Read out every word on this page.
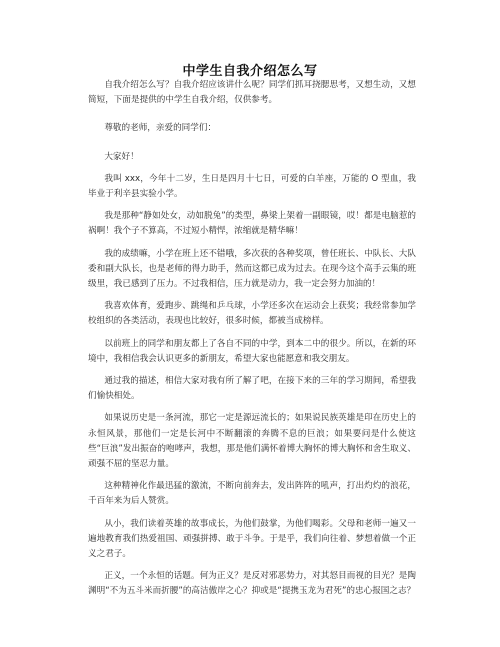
中学生自我介绍怎么写

自我介绍怎么写？自我介绍应该讲什么呢？同学们抓耳挠腮思考，又想生动，又想简短，下面是提供的中学生自我介绍，仅供参考。

尊敬的老师，亲爱的同学们：

大家好！

我叫 xxx，今年十二岁，生日是四月十七日，可爱的白羊座，万能的 O 型血，我毕业于利辛县实验小学。

我是那种“静如处女，动如脱兔”的类型，鼻梁上架着一副眼镜，哎！都是电脑惹的祸啊！我个子不算高，不过短小精悍，浓缩就是精华嘛！

我的成绩嘛，小学在班上还不错哦，多次获的各种奖项，曾任班长、中队长、大队委和副大队长，也是老师的得力助手，然而这都已成为过去。在现今这个高手云集的班级里，我已感到了压力。不过我相信，压力就是动力，我一定会努力加油的！

我喜欢体育，爱跑步、跳绳和乒乓球，小学还多次在运动会上获奖；我经常参加学校组织的各类活动，表现也比较好，很多时候，都被当成榜样。

以前班上的同学和朋友都上了各自不同的中学，到本二中的很少。所以，在新的环境中，我相信我会认识更多的新朋友，希望大家也能愿意和我交朋友。

通过我的描述，相信大家对我有所了解了吧，在接下来的三年的学习期间，希望我们愉快相处。

如果说历史是一条河流，那它一定是源远流长的；如果说民族英雄是印在历史上的永恒风景，那他们一定是长河中不断翻滚的奔腾不息的巨浪；如果要问是什么使这些“巨浪”发出振奋的咆哮声，我想，那是他们满怀着博大胸怀的博大胸怀和舍生取义、顽强不屈的坚忍力量。

这种精神化作最迅猛的激流，不断向前奔去，发出阵阵的吼声，打出灼灼的浪花，千百年来为后人赞赏。

从小，我们读着英雄的故事成长，为他们鼓掌，为他们喝彩。父母和老师一遍又一遍地教育我们热爱祖国、顽强拼搏、敢于斗争。于是乎，我们向往着、梦想着做一个正义之君子。

正义，一个永恒的话题。何为正义？是反对邪恶势力，对其怒目而视的目光？是陶渊明“不为五斗米而折腰”的高洁傲岸之心？抑或是“提携玉龙为君死”的忠心报国之志？
